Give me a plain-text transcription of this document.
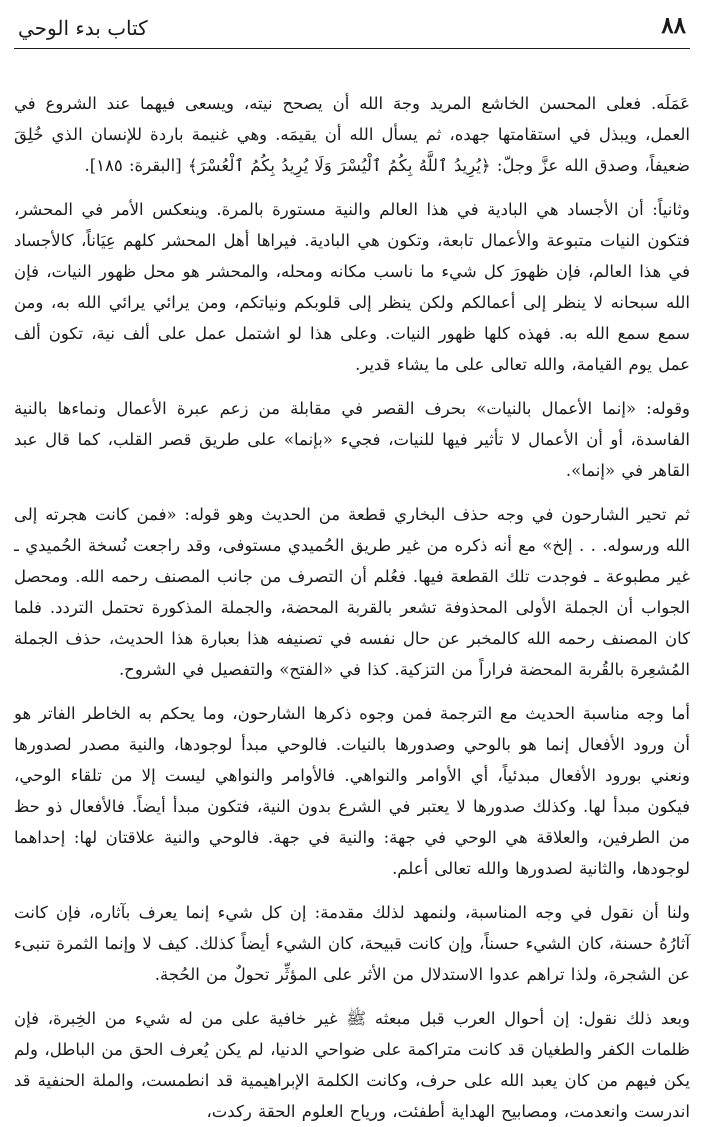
٨٨
كتاب بدء الوحي

عَمَلَه. فعلى المحسن الخاشع المريد وجهَ الله أن يصحح نيته، ويسعى فيهما عند الشروع في العمل، ويبذل في استقامتها جهده، ثم يسأل الله أن يقيمَه. وهي غنيمة باردة للإنسان الذي خُلِقَ ضعيفاً، وصدق الله عزَّ وجلّ: ﴿يُرِيدُ ٱللَّهُ بِكُمُ ٱلْيُسْرَ وَلَا يُرِيدُ بِكُمُ ٱلْعُسْرَ﴾ [البقرة: ١٨٥].

وثانياً: أن الأجساد هي البادية في هذا العالم والنية مستورة بالمرة. وينعكس الأمر في المحشر، فتكون النيات متبوعة والأعمال تابعة، وتكون هي البادية. فيراها أهل المحشر كلهم عِيَاناً، كالأجساد في هذا العالم، فإن ظهورَ كل شيء ما ناسب مكانه ومحله، والمحشر هو محل ظهور النيات، فإن الله سبحانه لا ينظر إلى أعمالكم ولكن ينظر إلى قلوبكم ونياتكم، ومن يرائي يرائي الله به، ومن سمع سمع الله به. فهذه كلها ظهور النيات. وعلى هذا لو اشتمل عمل على ألف نية، تكون ألف عمل يوم القيامة، والله تعالى على ما يشاء قدير.

وقوله: «إنما الأعمال بالنيات» بحرف القصر في مقابلة من زعم عبرة الأعمال ونماءها بالنية الفاسدة، أو أن الأعمال لا تأثير فيها للنيات، فجيء «بإنما» على طريق قصر القلب، كما قال عبد القاهر في «إنما».

ثم تحير الشارحون في وجه حذف البخاري قطعة من الحديث وهو قوله: «فمن كانت هجرته إلى الله ورسوله. . . إلخ» مع أنه ذكره من غير طريق الحُميدي مستوفى، وقد راجعت نُسخة الحُميدي ـ غير مطبوعة ـ فوجدت تلك القطعة فيها. فعُلم أن التصرف من جانب المصنف رحمه الله. ومحصل الجواب أن الجملة الأولى المحذوفة تشعر بالقربة المحضة، والجملة المذكورة تحتمل التردد. فلما كان المصنف رحمه الله كالمخبر عن حال نفسه في تصنيفه هذا بعبارة هذا الحديث، حذف الجملة المُشعِرة بالقُربة المحضة فراراً من التزكية. كذا في «الفتح» والتفصيل في الشروح.

أما وجه مناسبة الحديث مع الترجمة فمن وجوه ذكرها الشارحون، وما يحكم به الخاطر الفاتر هو أن ورود الأفعال إنما هو بالوحي وصدورها بالنيات. فالوحي مبدأ لوجودها، والنية مصدر لصدورها ونعني بورود الأفعال مبدئياً، أي الأوامر والنواهي. فالأوامر والنواهي ليست إلا من تلقاء الوحي، فيكون مبدأ لها. وكذلك صدورها لا يعتبر في الشرع بدون النية، فتكون مبدأ أيضاً. فالأفعال ذو حظ من الطرفين، والعلاقة هي الوحي في جهة: والنية في جهة. فالوحي والنية علاقتان لها: إحداهما لوجودها، والثانية لصدورها والله تعالى أعلم.

ولنا أن نقول في وجه المناسبة، ولنمهد لذلك مقدمة: إن كل شيء إنما يعرف بآثاره، فإن كانت آثارُهُ حسنة، كان الشيء حسناً، وإن كانت قبيحة، كان الشيء أيضاً كذلك. كيف لا وإنما الثمرة تنبىء عن الشجرة، ولذا تراهم عدوا الاستدلال من الأثر على المؤثِّر تحولٌ من الحُجة.

وبعد ذلك نقول: إن أحوال العرب قبل مبعثه ﷺ غير خافية على من له شيء من الخِبرة، فإن ظلمات الكفر والطغيان قد كانت متراكمة على ضواحي الدنيا، لم يكن يُعرف الحق من الباطل، ولم يكن فيهم من كان يعبد الله على حرف، وكانت الكلمة الإبراهيمية قد انطمست، والملة الحنفية قد اندرست وانعدمت، ومصابيح الهداية أطفئت، ورياح العلوم الحقة ركدت،
